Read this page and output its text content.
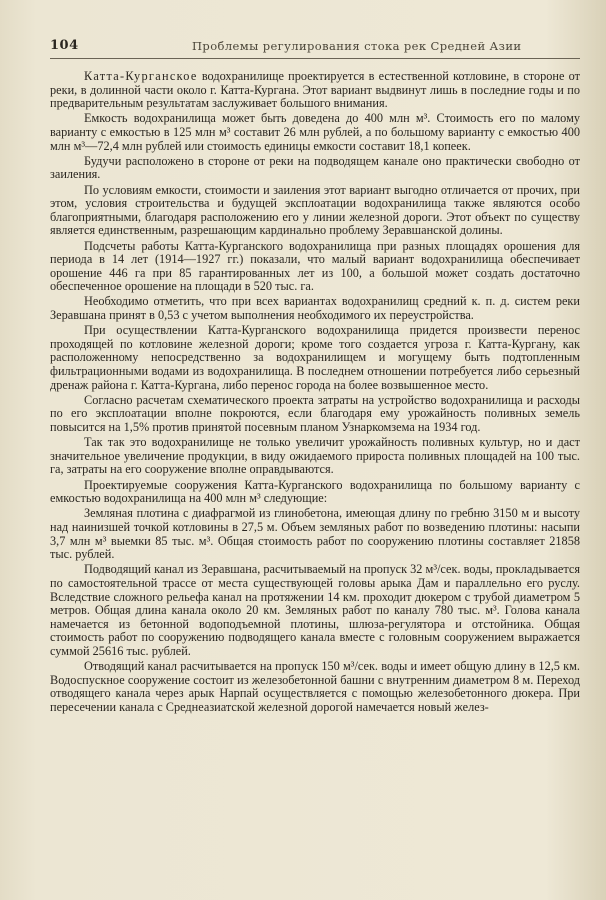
104	Проблемы регулирования стока рек Средней Азии

Катта-Курганское водохранилище проектируется в естественной котловине, в стороне от реки, в долинной части около г. Катта-Кургана. Этот вариант выдвинут лишь в последние годы и по предварительным результатам заслуживает большого внимания.

Емкость водохранилища может быть доведена до 400 млн м³. Стоимость его по малому варианту с емкостью в 125 млн м³ составит 26 млн рублей, а по большому варианту с емкостью 400 млн м³—72,4 млн рублей или стоимость единицы емкости составит 18,1 копеек.

Будучи расположено в стороне от реки на подводящем канале оно практически свободно от заиления.

По условиям емкости, стоимости и заиления этот вариант выгодно отличается от прочих, при этом, условия строительства и будущей эксплоатации водохранилища также являются особо благоприятными, благодаря расположению его у линии железной дороги. Этот объект по существу является единственным, разрешающим кардинально проблему Зеравшанской долины.

Подсчеты работы Катта-Курганского водохранилища при разных площадях орошения для периода в 14 лет (1914—1927 гг.) показали, что малый вариант водохранилища обеспечивает орошение 446 га при 85 гарантированных лет из 100, а большой может создать достаточно обеспеченное орошение на площади в 520 тыс. га.

Необходимо отметить, что при всех вариантах водохранилищ средний к. п. д. систем реки Зеравшана принят в 0,53 с учетом выполнения необходимого их переустройства.

При осуществлении Катта-Курганского водохранилища придется произвести перенос проходящей по котловине железной дороги; кроме того создается угроза г. Катта-Кургану, как расположенному непосредственно за водохранилищем и могущему быть подтопленным фильтрационными водами из водохранилища. В последнем отношении потребуется либо серьезный дренаж района г. Катта-Кургана, либо перенос города на более возвышенное место.

Согласно расчетам схематического проекта затраты на устройство водохранилища и расходы по его эксплоатации вполне покроются, если благодаря ему урожайность поливных земель повысится на 1,5% против принятой посевным планом Узнаркомзема на 1934 год.

Так так это водохранилище не только увеличит урожайность поливных культур, но и даст значительное увеличение продукции, в виду ожидаемого прироста поливных площадей на 100 тыс. га, затраты на его сооружение вполне оправдываются.

Проектируемые сооружения Катта-Курганского водохранилища по большому варианту с емкостью водохранилища на 400 млн м³ следующие:

Земляная плотина с диафрагмой из глинобетона, имеющая длину по гребню 3150 м и высоту над наинизшей точкой котловины в 27,5 м. Объем земляных работ по возведению плотины: насыпи 3,7 млн м³ выемки 85 тыс. м³. Общая стоимость работ по сооружению плотины составляет 21858 тыс. рублей.

Подводящий канал из Зеравшана, расчитываемый на пропуск 32 м³/сек. воды, прокладывается по самостоятельной трассе от места существующей головы арыка Дам и параллельно его руслу. Вследствие сложного рельефа канал на протяжении 14 км. проходит дюкером с трубой диаметром 5 метров. Общая длина канала около 20 км. Земляных работ по каналу 780 тыс. м³. Голова канала намечается из бетонной водоподъемной плотины, шлюза-регулятора и отстойника. Общая стоимость работ по сооружению подводящего канала вместе с головным сооружением выражается суммой 25616 тыс. рублей.

Отводящий канал расчитывается на пропуск 150 м³/сек. воды и имеет общую длину в 12,5 км. Водоспускное сооружение состоит из железобетонной башни с внутренним диаметром 8 м. Переход отводящего канала через арык Нарпай осуществляется с помощью железобетонного дюкера. При пересечении канала с Среднеазиатской железной дорогой намечается новый желез-
